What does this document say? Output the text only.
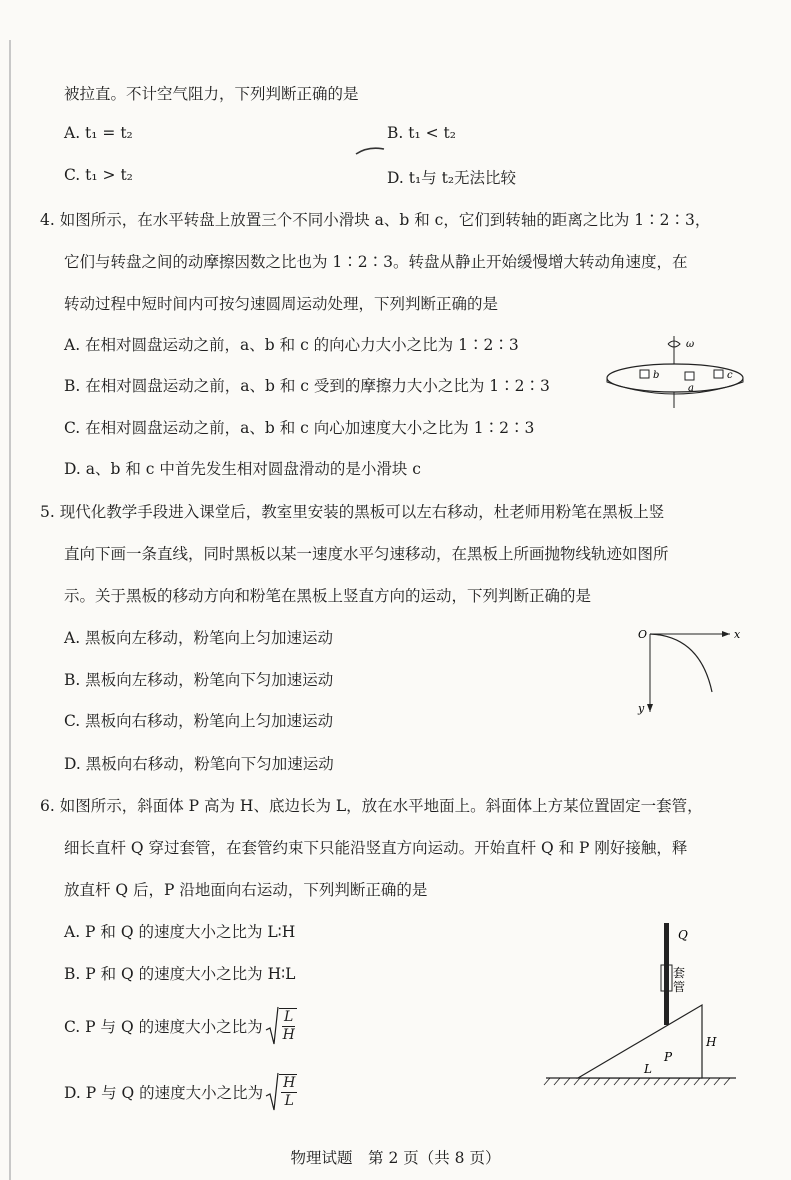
被拉直。不计空气阻力，下列判断正确的是
A. t₁ = t₂	B. t₁ < t₂
C. t₁ > t₂	D. t₁与 t₂无法比较
4. 如图所示，在水平转盘上放置三个不同小滑块 a、b 和 c，它们到转轴的距离之比为 1∶2∶3，
它们与转盘之间的动摩擦因数之比也为 1∶2∶3。转盘从静止开始缓慢增大转动角速度，在
转动过程中短时间内可按匀速圆周运动处理，下列判断正确的是
A. 在相对圆盘运动之前，a、b 和 c 的向心力大小之比为 1∶2∶3
B. 在相对圆盘运动之前，a、b 和 c 受到的摩擦力大小之比为 1∶2∶3
C. 在相对圆盘运动之前，a、b 和 c 向心加速度大小之比为 1∶2∶3
D. a、b 和 c 中首先发生相对圆盘滑动的是小滑块 c
ω
b
a
c
5. 现代化教学手段进入课堂后，教室里安装的黑板可以左右移动，杜老师用粉笔在黑板上竖
直向下画一条直线，同时黑板以某一速度水平匀速移动，在黑板上所画抛物线轨迹如图所
示。关于黑板的移动方向和粉笔在黑板上竖直方向的运动，下列判断正确的是
A. 黑板向左移动，粉笔向上匀加速运动
B. 黑板向左移动，粉笔向下匀加速运动
C. 黑板向右移动，粉笔向上匀加速运动
D. 黑板向右移动，粉笔向下匀加速运动
O	x
y
6. 如图所示，斜面体 P 高为 H、底边长为 L，放在水平地面上。斜面体上方某位置固定一套管，
细长直杆 Q 穿过套管，在套管约束下只能沿竖直方向运动。开始直杆 Q 和 P 刚好接触，释
放直杆 Q 后，P 沿地面向右运动，下列判断正确的是
A. P 和 Q 的速度大小之比为 L∶H
B. P 和 Q 的速度大小之比为 H∶L
C. P 与 Q 的速度大小之比为 $\frac{L}{H}$
D. P 与 Q 的速度大小之比为 $\frac{H}{L}$
Q
套
管
H
P
L
物理试题　第 2 页（共 8 页）
